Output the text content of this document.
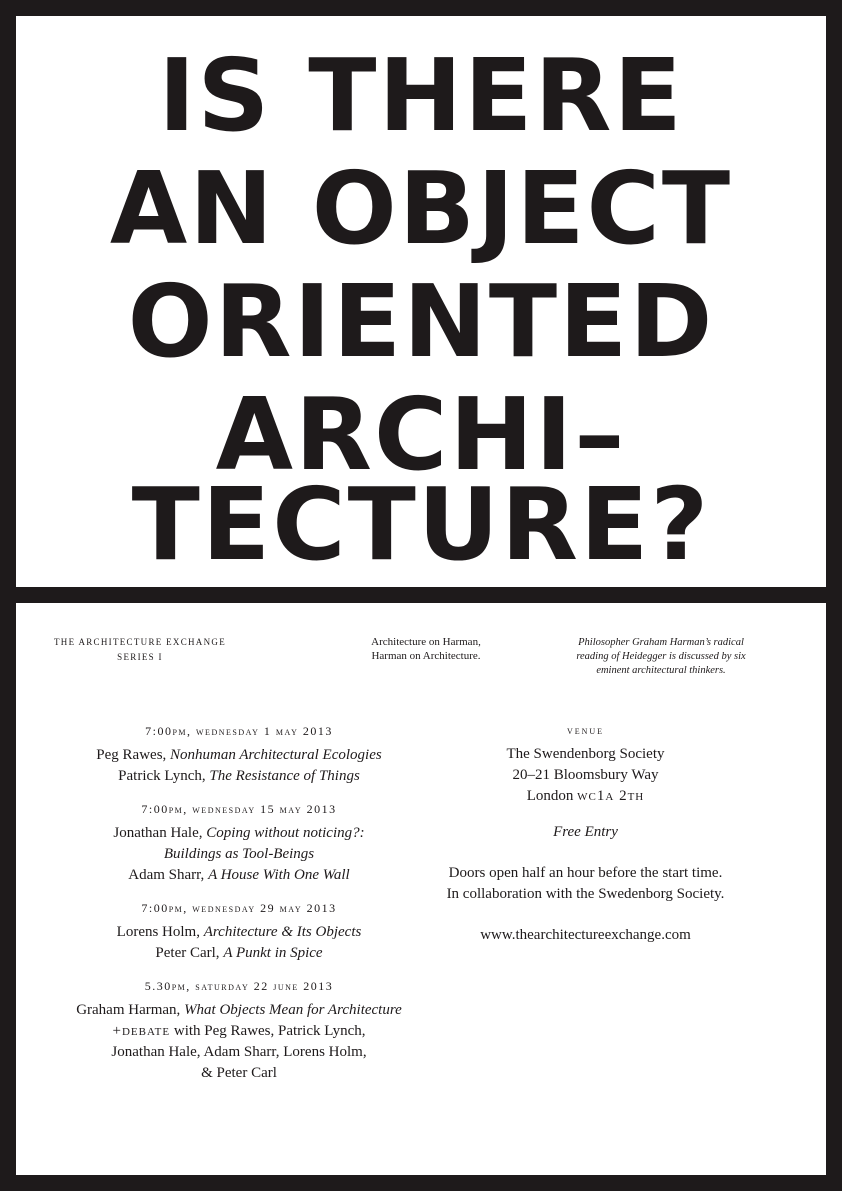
IS THERE
AN OBJECT
ORIENTED
ARCHI–
TECTURE?
THE ARCHITECTURE EXCHANGE
SERIES I
Architecture on Harman,
Harman on Architecture.
Philosopher Graham Harman’s radical
reading of Heidegger is discussed by six
eminent architectural thinkers.
7:00pm, wednesday 1 may 2013
Peg Rawes, Nonhuman Architectural Ecologies
Patrick Lynch, The Resistance of Things
7:00pm, wednesday 15 may 2013
Jonathan Hale, Coping without noticing?:
Buildings as Tool-Beings
Adam Sharr, A House With One Wall
7:00pm, wednesday 29 may 2013
Lorens Holm, Architecture & Its Objects
Peter Carl, A Punkt in Spice
5.30pm, saturday 22 june 2013
Graham Harman, What Objects Mean for Architecture
+debate with Peg Rawes, Patrick Lynch,
Jonathan Hale, Adam Sharr, Lorens Holm,
& Peter Carl
venue
The Swendenborg Society
20–21 Bloomsbury Way
London wc1a 2th
Free Entry
Doors open half an hour before the start time.
In collaboration with the Swedenborg Society.
www.thearchitectureexchange.com
